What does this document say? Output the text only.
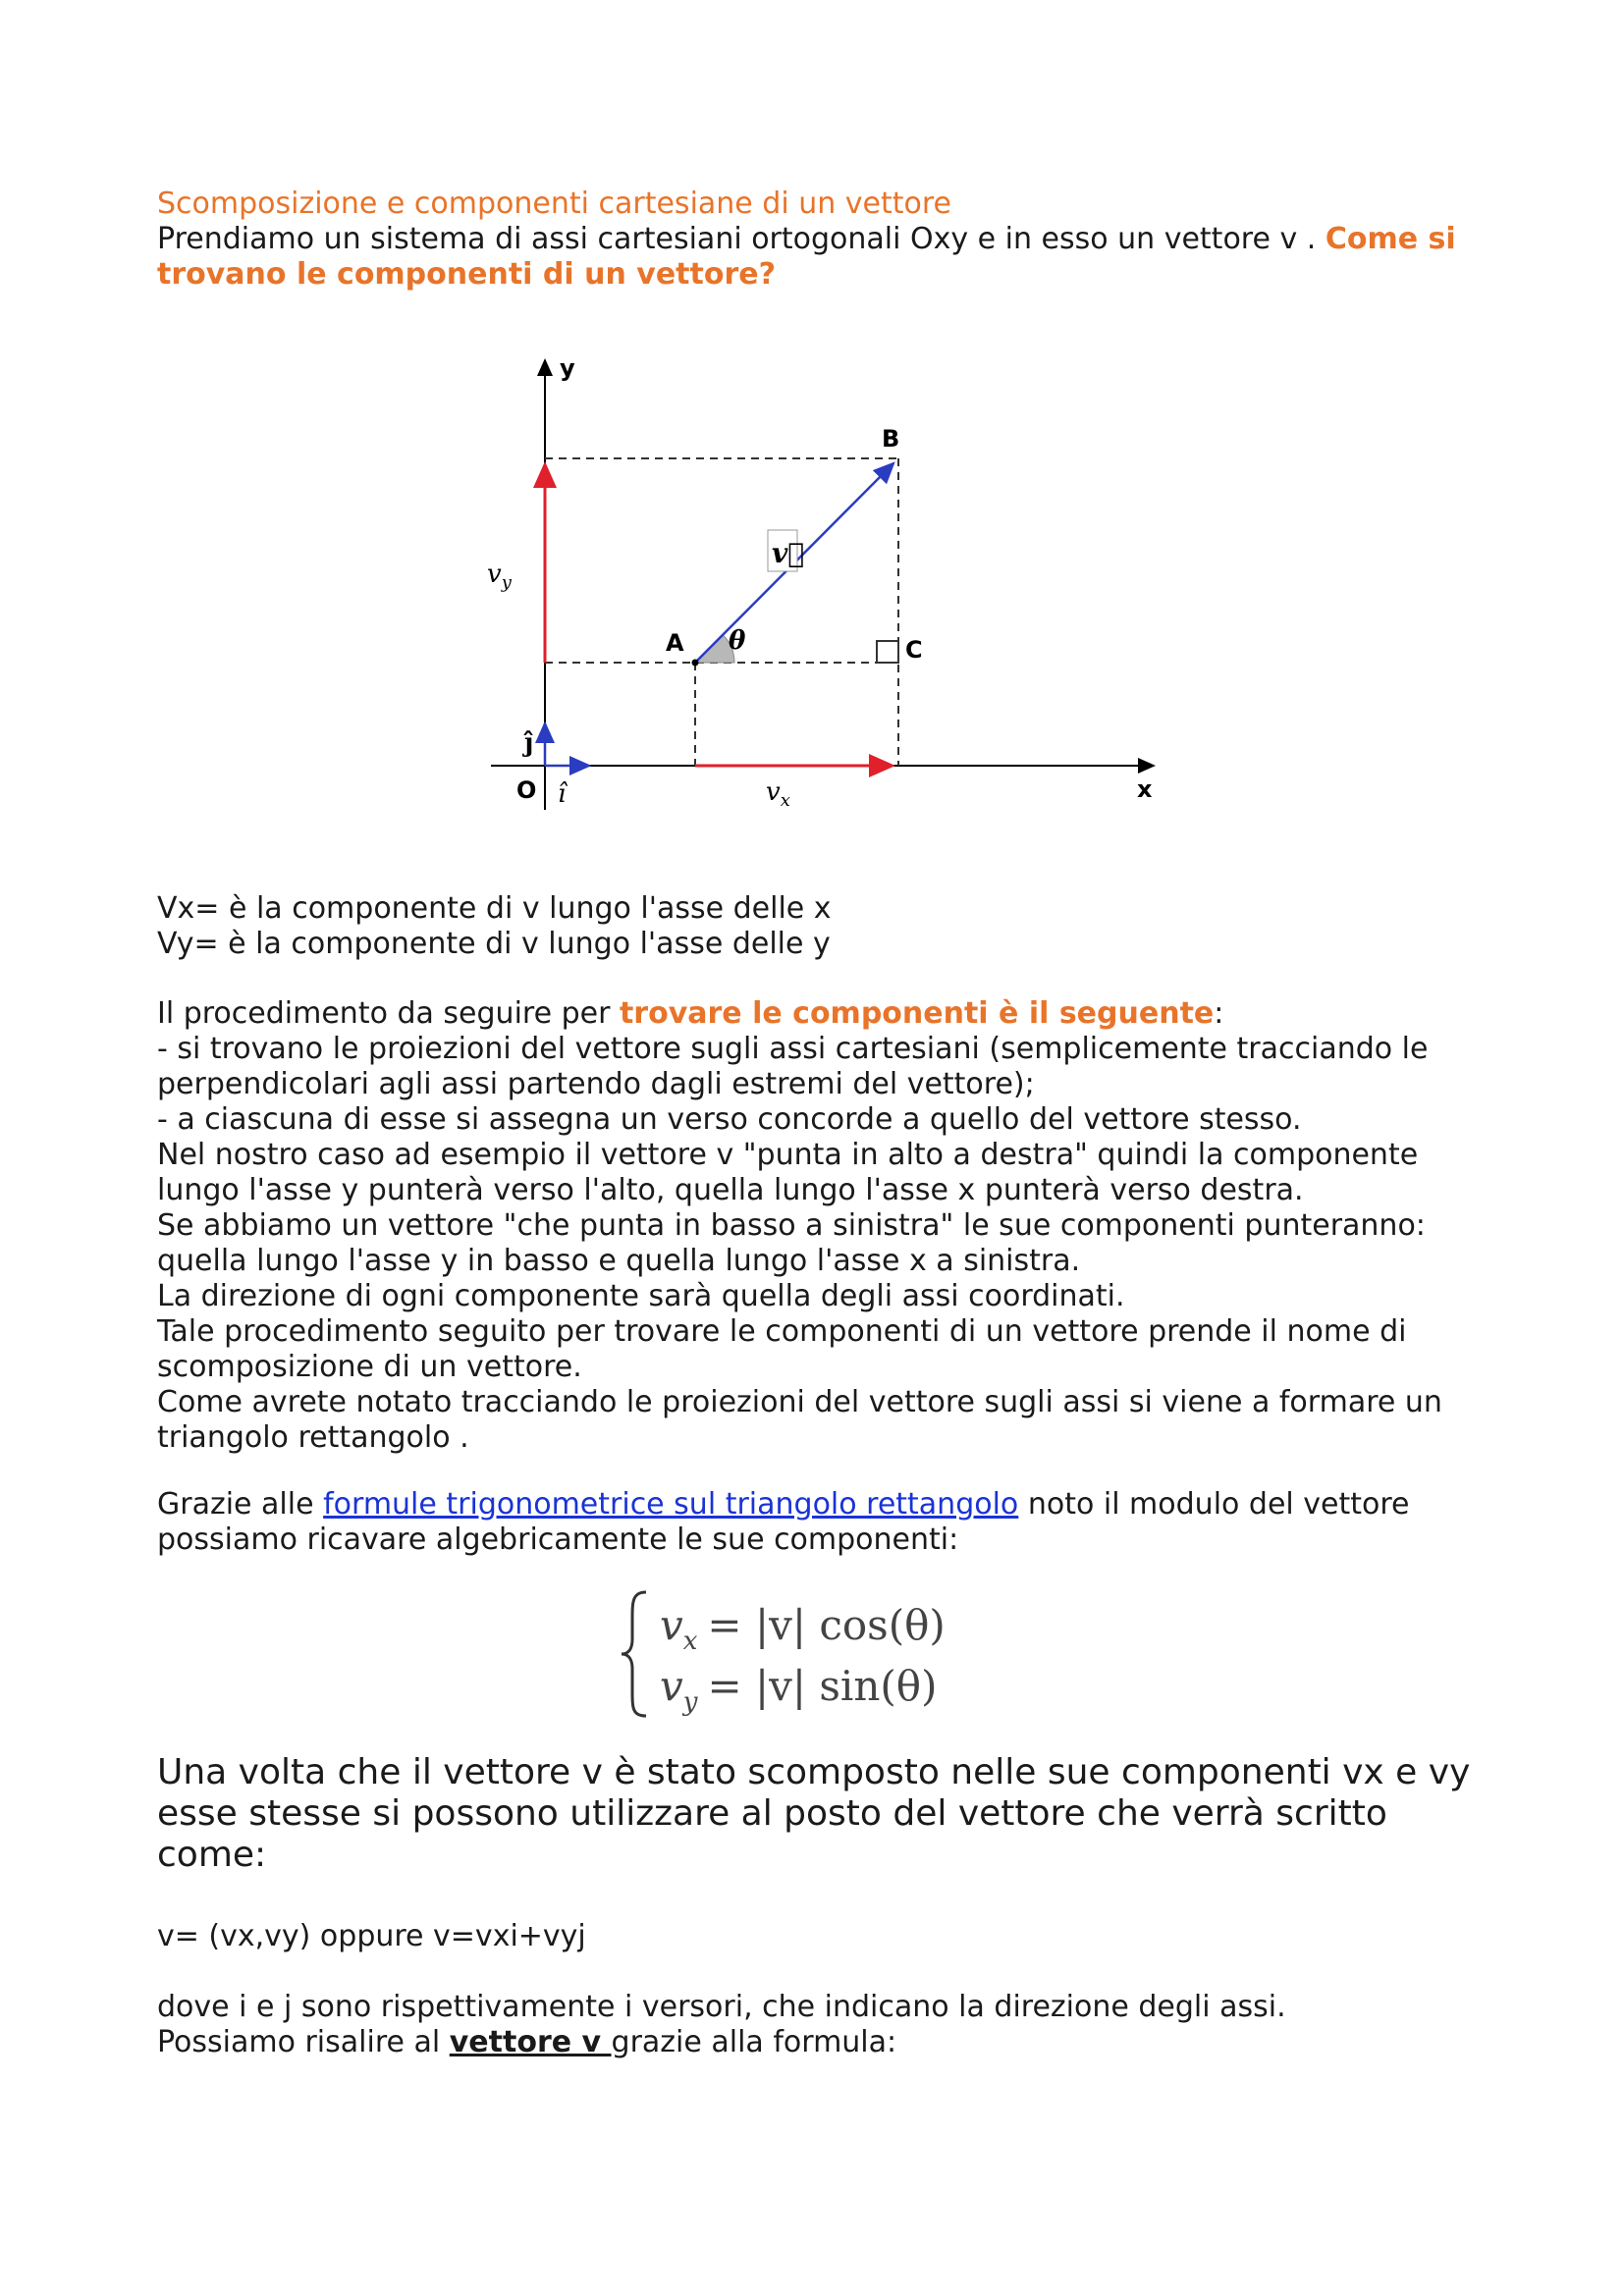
Scomposizione e componenti cartesiane di un vettore

Prendiamo un sistema di assi cartesiani ortogonali Oxy e in esso un vettore v . Come si trovano le componenti di un vettore?

y
x
O
B
A	C
v⃗
θ
$v_y$
$v_x$
î
ĵ

Vx= è la componente di v lungo l'asse delle x

Vy= è la componente di v lungo l'asse delle y

Il procedimento da seguire per trovare le componenti è il seguente:

- si trovano le proiezioni del vettore sugli assi cartesiani (semplicemente tracciando le perpendicolari agli assi partendo dagli estremi del vettore);

- a ciascuna di esse si assegna un verso concorde a quello del vettore stesso.

Nel nostro caso ad esempio il vettore v "punta in alto a destra" quindi la componente lungo l'asse y punterà verso l'alto, quella lungo l'asse x punterà verso destra.

Se abbiamo un vettore "che punta in basso a sinistra" le sue componenti punteranno: quella lungo l'asse y in basso e quella lungo l'asse x a sinistra.

La direzione di ogni componente sarà quella degli assi coordinati.

Tale procedimento seguito per trovare le componenti di un vettore prende il nome di scomposizione di un vettore.

Come avrete notato tracciando le proiezioni del vettore sugli assi si viene a formare un triangolo rettangolo .

Grazie alle formule trigonometrice sul triangolo rettangolo noto il modulo del vettore possiamo ricavare algebricamente le sue componenti:

$v_x = |v|$ cos(θ)
$v_y = |v|$ sin(θ)

Una volta che il vettore v è stato scomposto nelle sue componenti vx e vy esse stesse si possono utilizzare al posto del vettore che verrà scritto come:

v= (vx,vy) oppure v=vxi+vyj

dove i e j sono rispettivamente i versori, che indicano la direzione degli assi.

Possiamo risalire al vettore v grazie alla formula:
